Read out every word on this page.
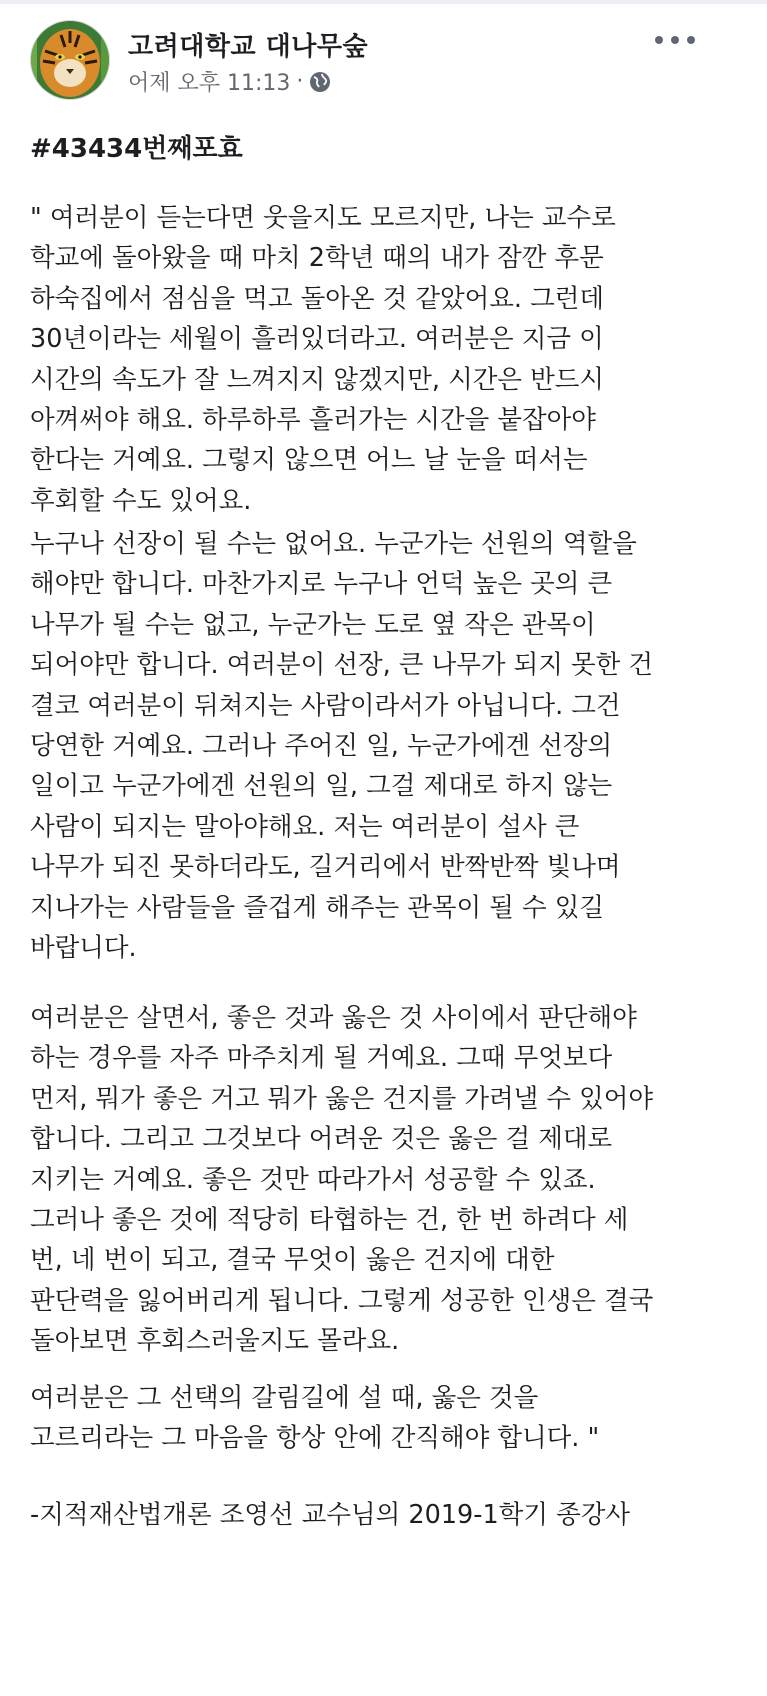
고려대학교 대나무숲
어제 오후 11:13 ·
#43434번째포효
" 여러분이 듣는다면 웃을지도 모르지만, 나는 교수로
학교에 돌아왔을 때 마치 2학년 때의 내가 잠깐 후문
하숙집에서 점심을 먹고 돌아온 것 같았어요. 그런데
30년이라는 세월이 흘러있더라고. 여러분은 지금 이
시간의 속도가 잘 느껴지지 않겠지만, 시간은 반드시
아껴써야 해요. 하루하루 흘러가는 시간을 붙잡아야
한다는 거예요. 그렇지 않으면 어느 날 눈을 떠서는
후회할 수도 있어요.
누구나 선장이 될 수는 없어요. 누군가는 선원의 역할을
해야만 합니다. 마찬가지로 누구나 언덕 높은 곳의 큰
나무가 될 수는 없고, 누군가는 도로 옆 작은 관목이
되어야만 합니다. 여러분이 선장, 큰 나무가 되지 못한 건
결코 여러분이 뒤쳐지는 사람이라서가 아닙니다. 그건
당연한 거예요. 그러나 주어진 일, 누군가에겐 선장의
일이고 누군가에겐 선원의 일, 그걸 제대로 하지 않는
사람이 되지는 말아야해요. 저는 여러분이 설사 큰
나무가 되진 못하더라도, 길거리에서 반짝반짝 빛나며
지나가는 사람들을 즐겁게 해주는 관목이 될 수 있길
바랍니다.
여러분은 살면서, 좋은 것과 옳은 것 사이에서 판단해야
하는 경우를 자주 마주치게 될 거예요. 그때 무엇보다
먼저, 뭐가 좋은 거고 뭐가 옳은 건지를 가려낼 수 있어야
합니다. 그리고 그것보다 어려운 것은 옳은 걸 제대로
지키는 거예요. 좋은 것만 따라가서 성공할 수 있죠.
그러나 좋은 것에 적당히 타협하는 건, 한 번 하려다 세
번, 네 번이 되고, 결국 무엇이 옳은 건지에 대한
판단력을 잃어버리게 됩니다. 그렇게 성공한 인생은 결국
돌아보면 후회스러울지도 몰라요.
여러분은 그 선택의 갈림길에 설 때, 옳은 것을
고르리라는 그 마음을 항상 안에 간직해야 합니다. "
-지적재산법개론 조영선 교수님의 2019-1학기 종강사
